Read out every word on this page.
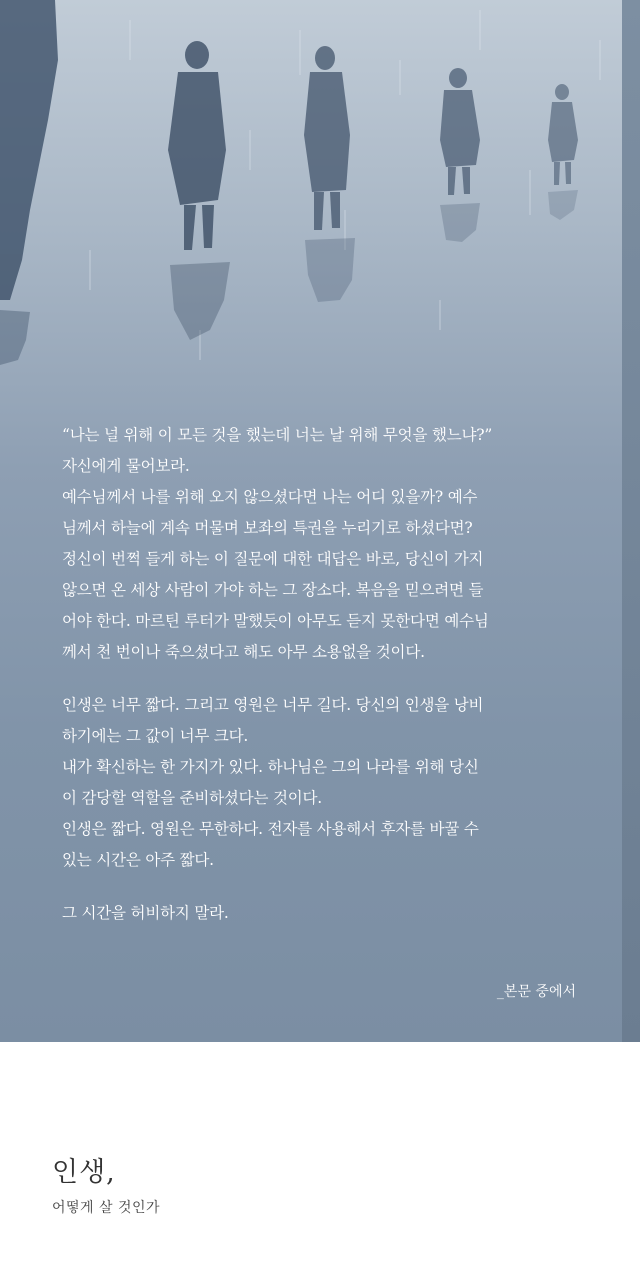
“나는 널 위해 이 모든 것을 했는데 너는 날 위해 무엇을 했느냐?”
자신에게 물어보라.
예수님께서 나를 위해 오지 않으셨다면 나는 어디 있을까? 예수
님께서 하늘에 계속 머물며 보좌의 특권을 누리기로 하셨다면?
정신이 번쩍 들게 하는 이 질문에 대한 대답은 바로, 당신이 가지
않으면 온 세상 사람이 가야 하는 그 장소다. 복음을 믿으려면 들
어야 한다. 마르틴 루터가 말했듯이 아무도 듣지 못한다면 예수님
께서 천 번이나 죽으셨다고 해도 아무 소용없을 것이다.

인생은 너무 짧다. 그리고 영원은 너무 길다. 당신의 인생을 낭비
하기에는 그 값이 너무 크다.
내가 확신하는 한 가지가 있다. 하나님은 그의 나라를 위해 당신
이 감당할 역할을 준비하셨다는 것이다.
인생은 짧다. 영원은 무한하다. 전자를 사용해서 후자를 바꿀 수
있는 시간은 아주 짧다.

그 시간을 허비하지 말라.

_본문 중에서
인생,
어떻게 살 것인가
